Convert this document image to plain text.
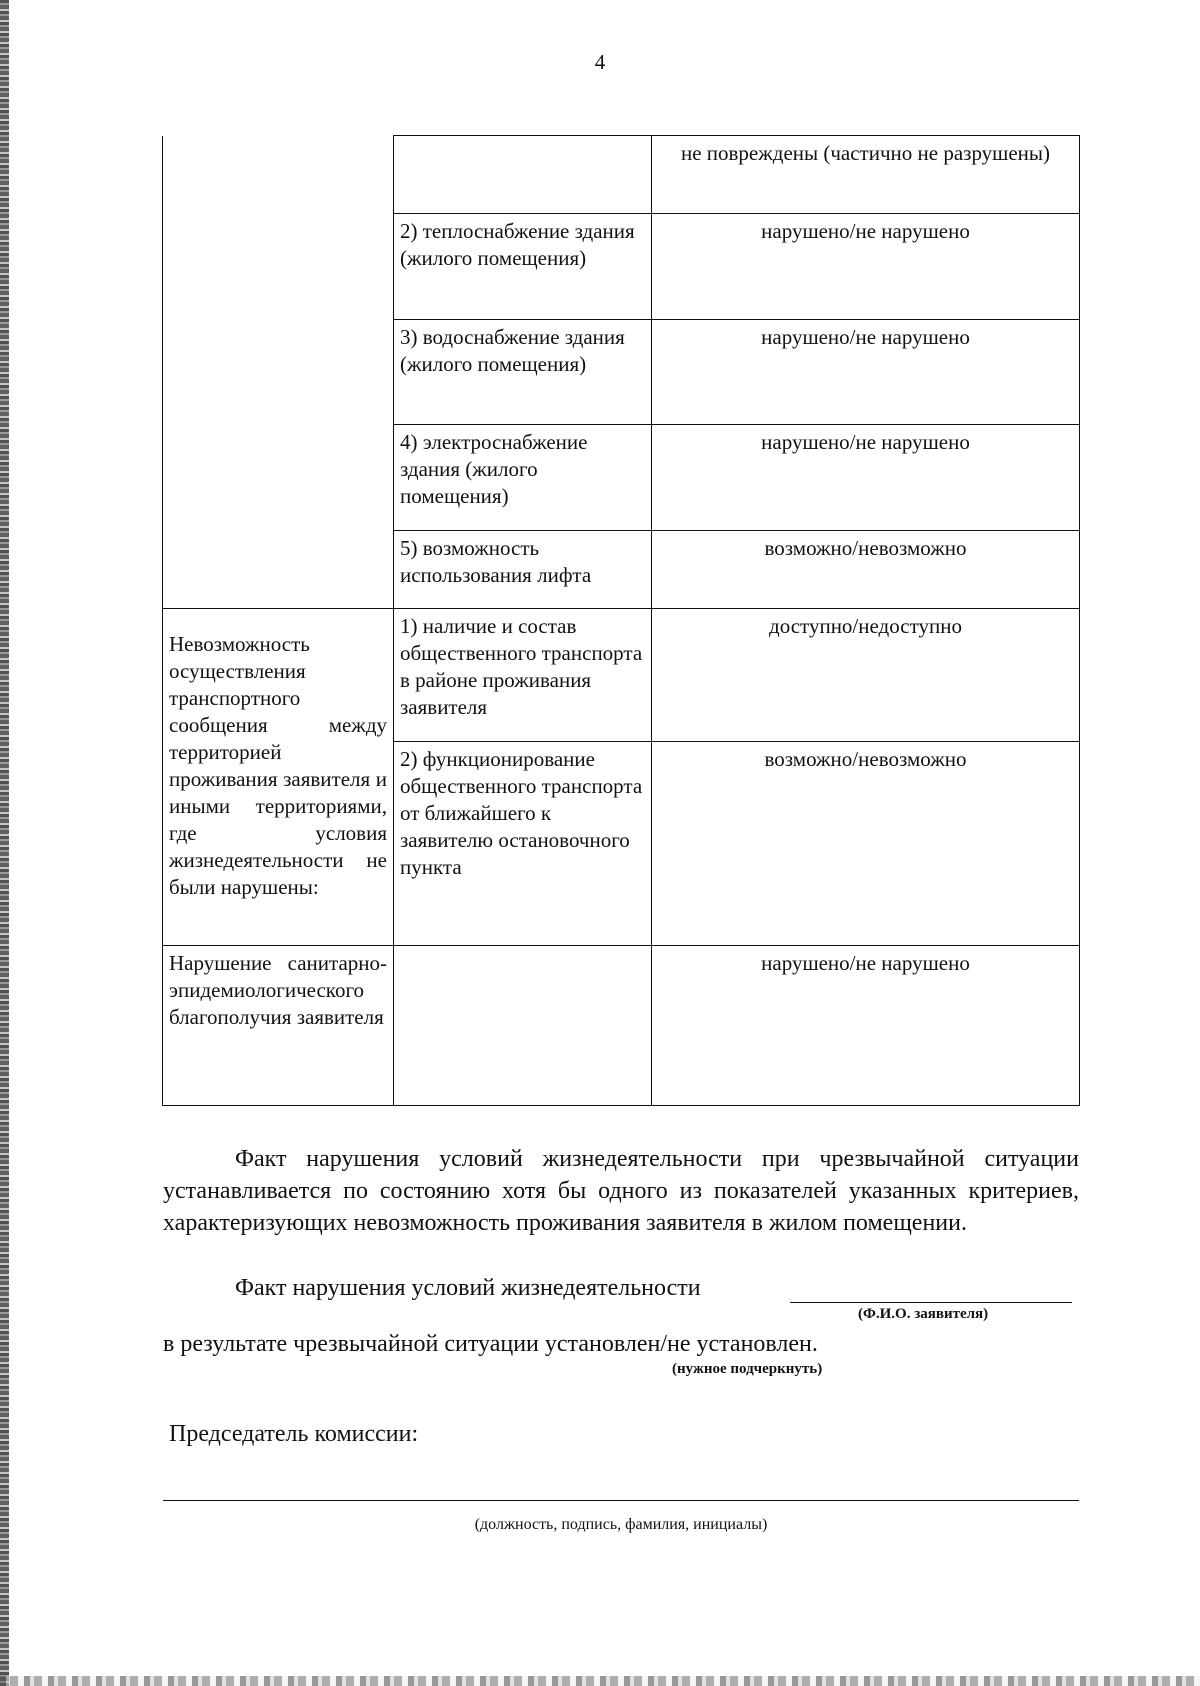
4
		не повреждены (частично не разрушены)
	2) теплоснабжение здания (жилого помещения)	нарушено/не нарушено
	3) водоснабжение здания (жилого помещения)	нарушено/не нарушено
	4) электроснабжение здания (жилого помещения)	нарушено/не нарушено
	5) возможность использования лифта	возможно/невозможно
Невозможность осуществления транспортного сообщения между территорией проживания заявителя и иными территориями, где условия жизнедеятельности не были нарушены:	1) наличие и состав общественного транспорта в районе проживания заявителя	доступно/недоступно
	2) функционирование общественного транспорта от ближайшего к заявителю остановочного пункта	возможно/невозможно
Нарушение санитарно-эпидемиологического благополучия заявителя		нарушено/не нарушено
Факт нарушения условий жизнедеятельности при чрезвычайной ситуации устанавливается по состоянию хотя бы одного из показателей указанных критериев, характеризующих невозможность проживания заявителя в жилом помещении.
Факт нарушения условий жизнедеятельности
(Ф.И.О. заявителя)
в результате чрезвычайной ситуации установлен/не установлен.
(нужное подчеркнуть)
Председатель комиссии:
(должность, подпись, фамилия, инициалы)
